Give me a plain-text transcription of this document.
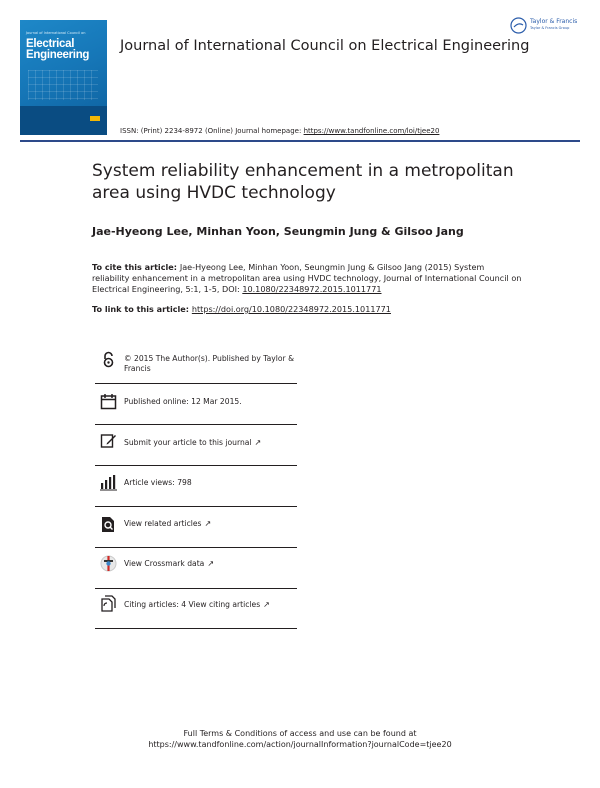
Journal of International Council on
Electrical
Engineering
Journal of International Council on Electrical Engineering
ISSN: (Print) 2234-8972 (Online) Journal homepage: https://www.tandfonline.com/loi/tjee20
Taylor & Francis
Taylor & Francis Group
System reliability enhancement in a metropolitan
area using HVDC technology
Jae-Hyeong Lee, Minhan Yoon, Seungmin Jung & Gilsoo Jang
To cite this article: Jae-Hyeong Lee, Minhan Yoon, Seungmin Jung & Gilsoo Jang (2015) System reliability enhancement in a metropolitan area using HVDC technology, Journal of International Council on Electrical Engineering, 5:1, 1-5, DOI: 10.1080/22348972.2015.1011771
To link to this article: https://doi.org/10.1080/22348972.2015.1011771
© 2015 The Author(s). Published by Taylor & Francis
Published online: 12 Mar 2015.
Submit your article to this journal ↗
Article views: 798
View related articles ↗
View Crossmark data ↗
Citing articles: 4 View citing articles ↗
Full Terms & Conditions of access and use can be found at
https://www.tandfonline.com/action/journalInformation?journalCode=tjee20
